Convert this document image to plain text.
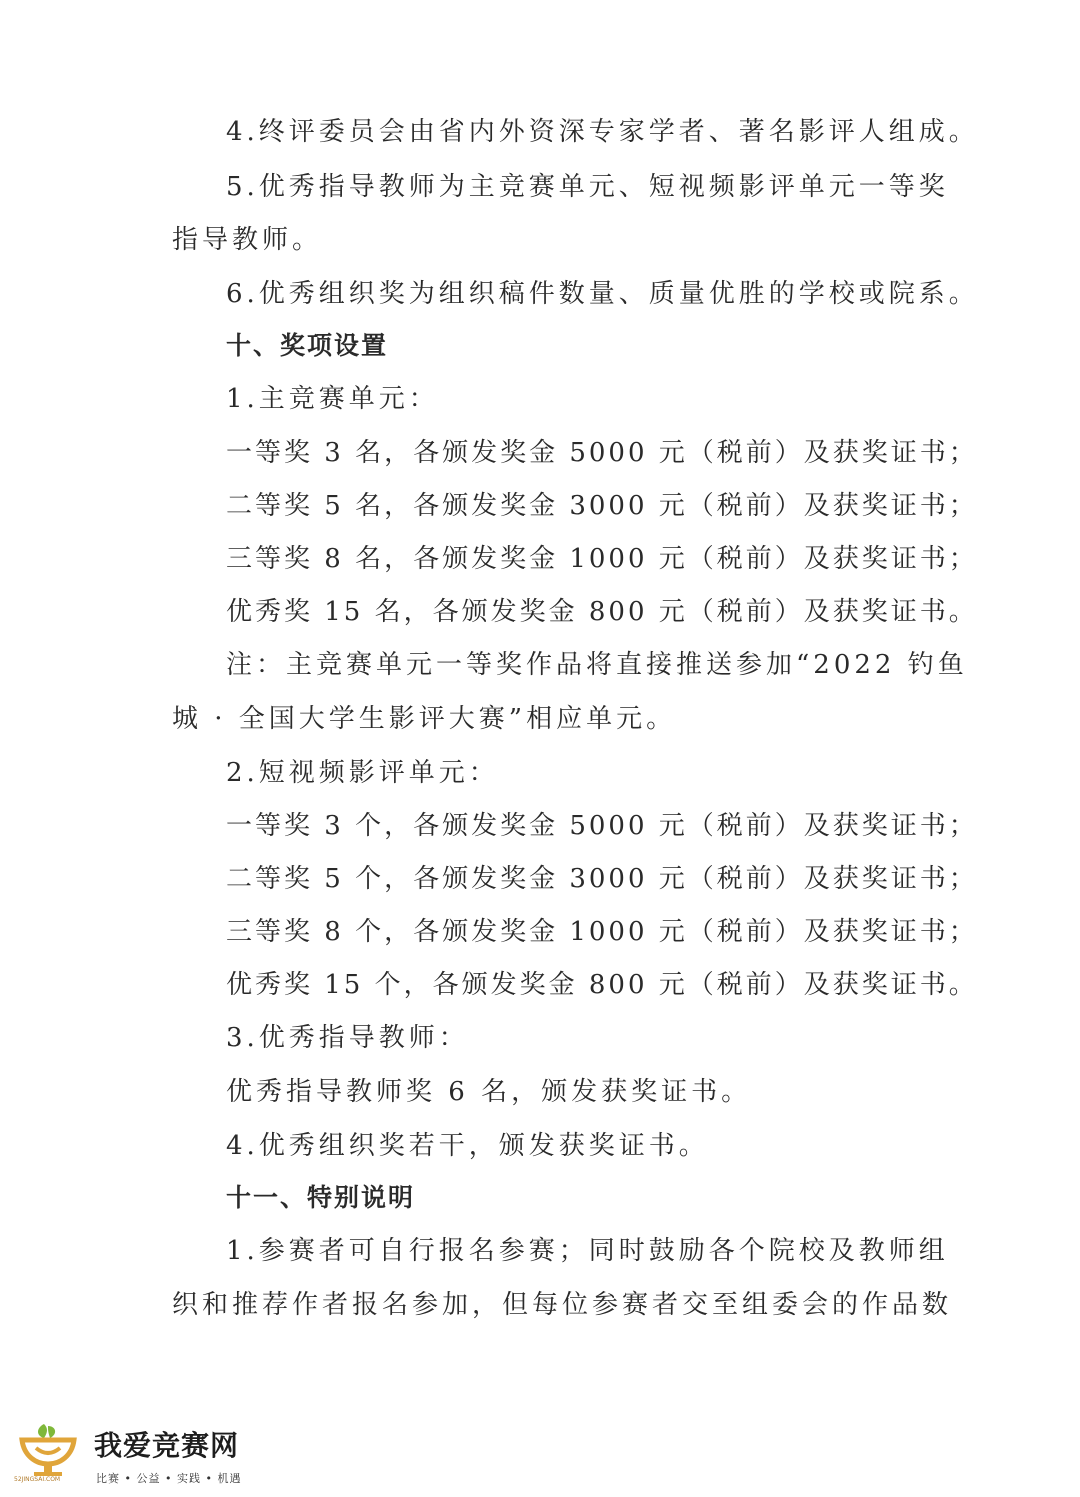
4.终评委员会由省内外资深专家学者、著名影评人组成。
5.优秀指导教师为主竞赛单元、短视频影评单元一等奖
指导教师。
6.优秀组织奖为组织稿件数量、质量优胜的学校或院系。
十、奖项设置
1.主竞赛单元：
一等奖 3 名，各颁发奖金 5000 元（税前）及获奖证书；
二等奖 5 名，各颁发奖金 3000 元（税前）及获奖证书；
三等奖 8 名，各颁发奖金 1000 元（税前）及获奖证书；
优秀奖 15 名，各颁发奖金 800 元（税前）及获奖证书。
注：主竞赛单元一等奖作品将直接推送参加“2022 钓鱼
城 · 全国大学生影评大赛”相应单元。
2.短视频影评单元：
一等奖 3 个，各颁发奖金 5000 元（税前）及获奖证书；
二等奖 5 个，各颁发奖金 3000 元（税前）及获奖证书；
三等奖 8 个，各颁发奖金 1000 元（税前）及获奖证书；
优秀奖 15 个，各颁发奖金 800 元（税前）及获奖证书。
3.优秀指导教师：
优秀指导教师奖 6 名，颁发获奖证书。
4.优秀组织奖若干，颁发获奖证书。
十一、特别说明
1.参赛者可自行报名参赛；同时鼓励各个院校及教师组
织和推荐作者报名参加，但每位参赛者交至组委会的作品数
我爱竞赛网
52JINGSAI.COM	比赛 • 公益 • 实践 • 机遇
